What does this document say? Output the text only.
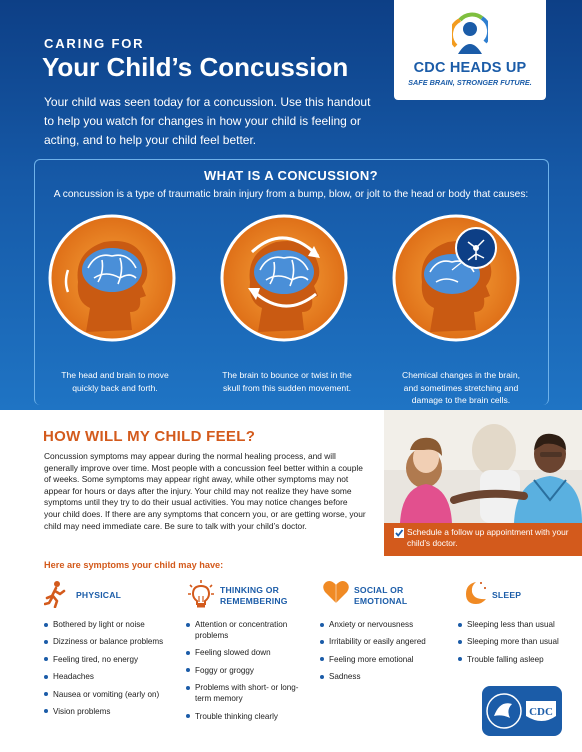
CARING FOR
Your Child’s Concussion
Your child was seen today for a concussion. Use this handout to help you watch for changes in how your child is feeling or acting, and to help your child feel better.
CDC HEADS UP
SAFE BRAIN, STRONGER FUTURE.
WHAT IS A CONCUSSION?
A concussion is a type of traumatic brain injury from a bump, blow, or jolt to the head or body that causes:
The head and brain to move
quickly back and forth.
The brain to bounce or twist in the
skull from this sudden movement.
Chemical changes in the brain,
and sometimes stretching and
damage to the brain cells.
HOW WILL MY CHILD FEEL?
Concussion symptoms may appear during the normal healing process, and will generally improve over time. Most people with a concussion feel better within a couple of weeks. Some symptoms may appear right away, while other symptoms may not appear for hours or days after the injury. Your child may not realize they have some symptoms until they try to do their usual activities. You may notice changes before your child does. If there are any symptoms that concern you, or are getting worse, your child may need immediate care. Be sure to talk with your child’s doctor.
Schedule a follow up appointment with your child’s doctor.
Here are symptoms your child may have:
PHYSICAL	THINKING OR
REMEMBERING
SOCIAL OR
EMOTIONAL
SLEEP
Bothered by light or noise
Dizziness or balance problems
Feeling tired, no energy
Headaches
Nausea or vomiting (early on)
Vision problems
Attention or concentration problems
Feeling slowed down
Foggy or groggy
Problems with short- or long-term memory
Trouble thinking clearly
Anxiety or nervousness
Irritability or easily angered
Feeling more emotional
Sadness
Sleeping less than usual
Sleeping more than usual
Trouble falling asleep
CDC
